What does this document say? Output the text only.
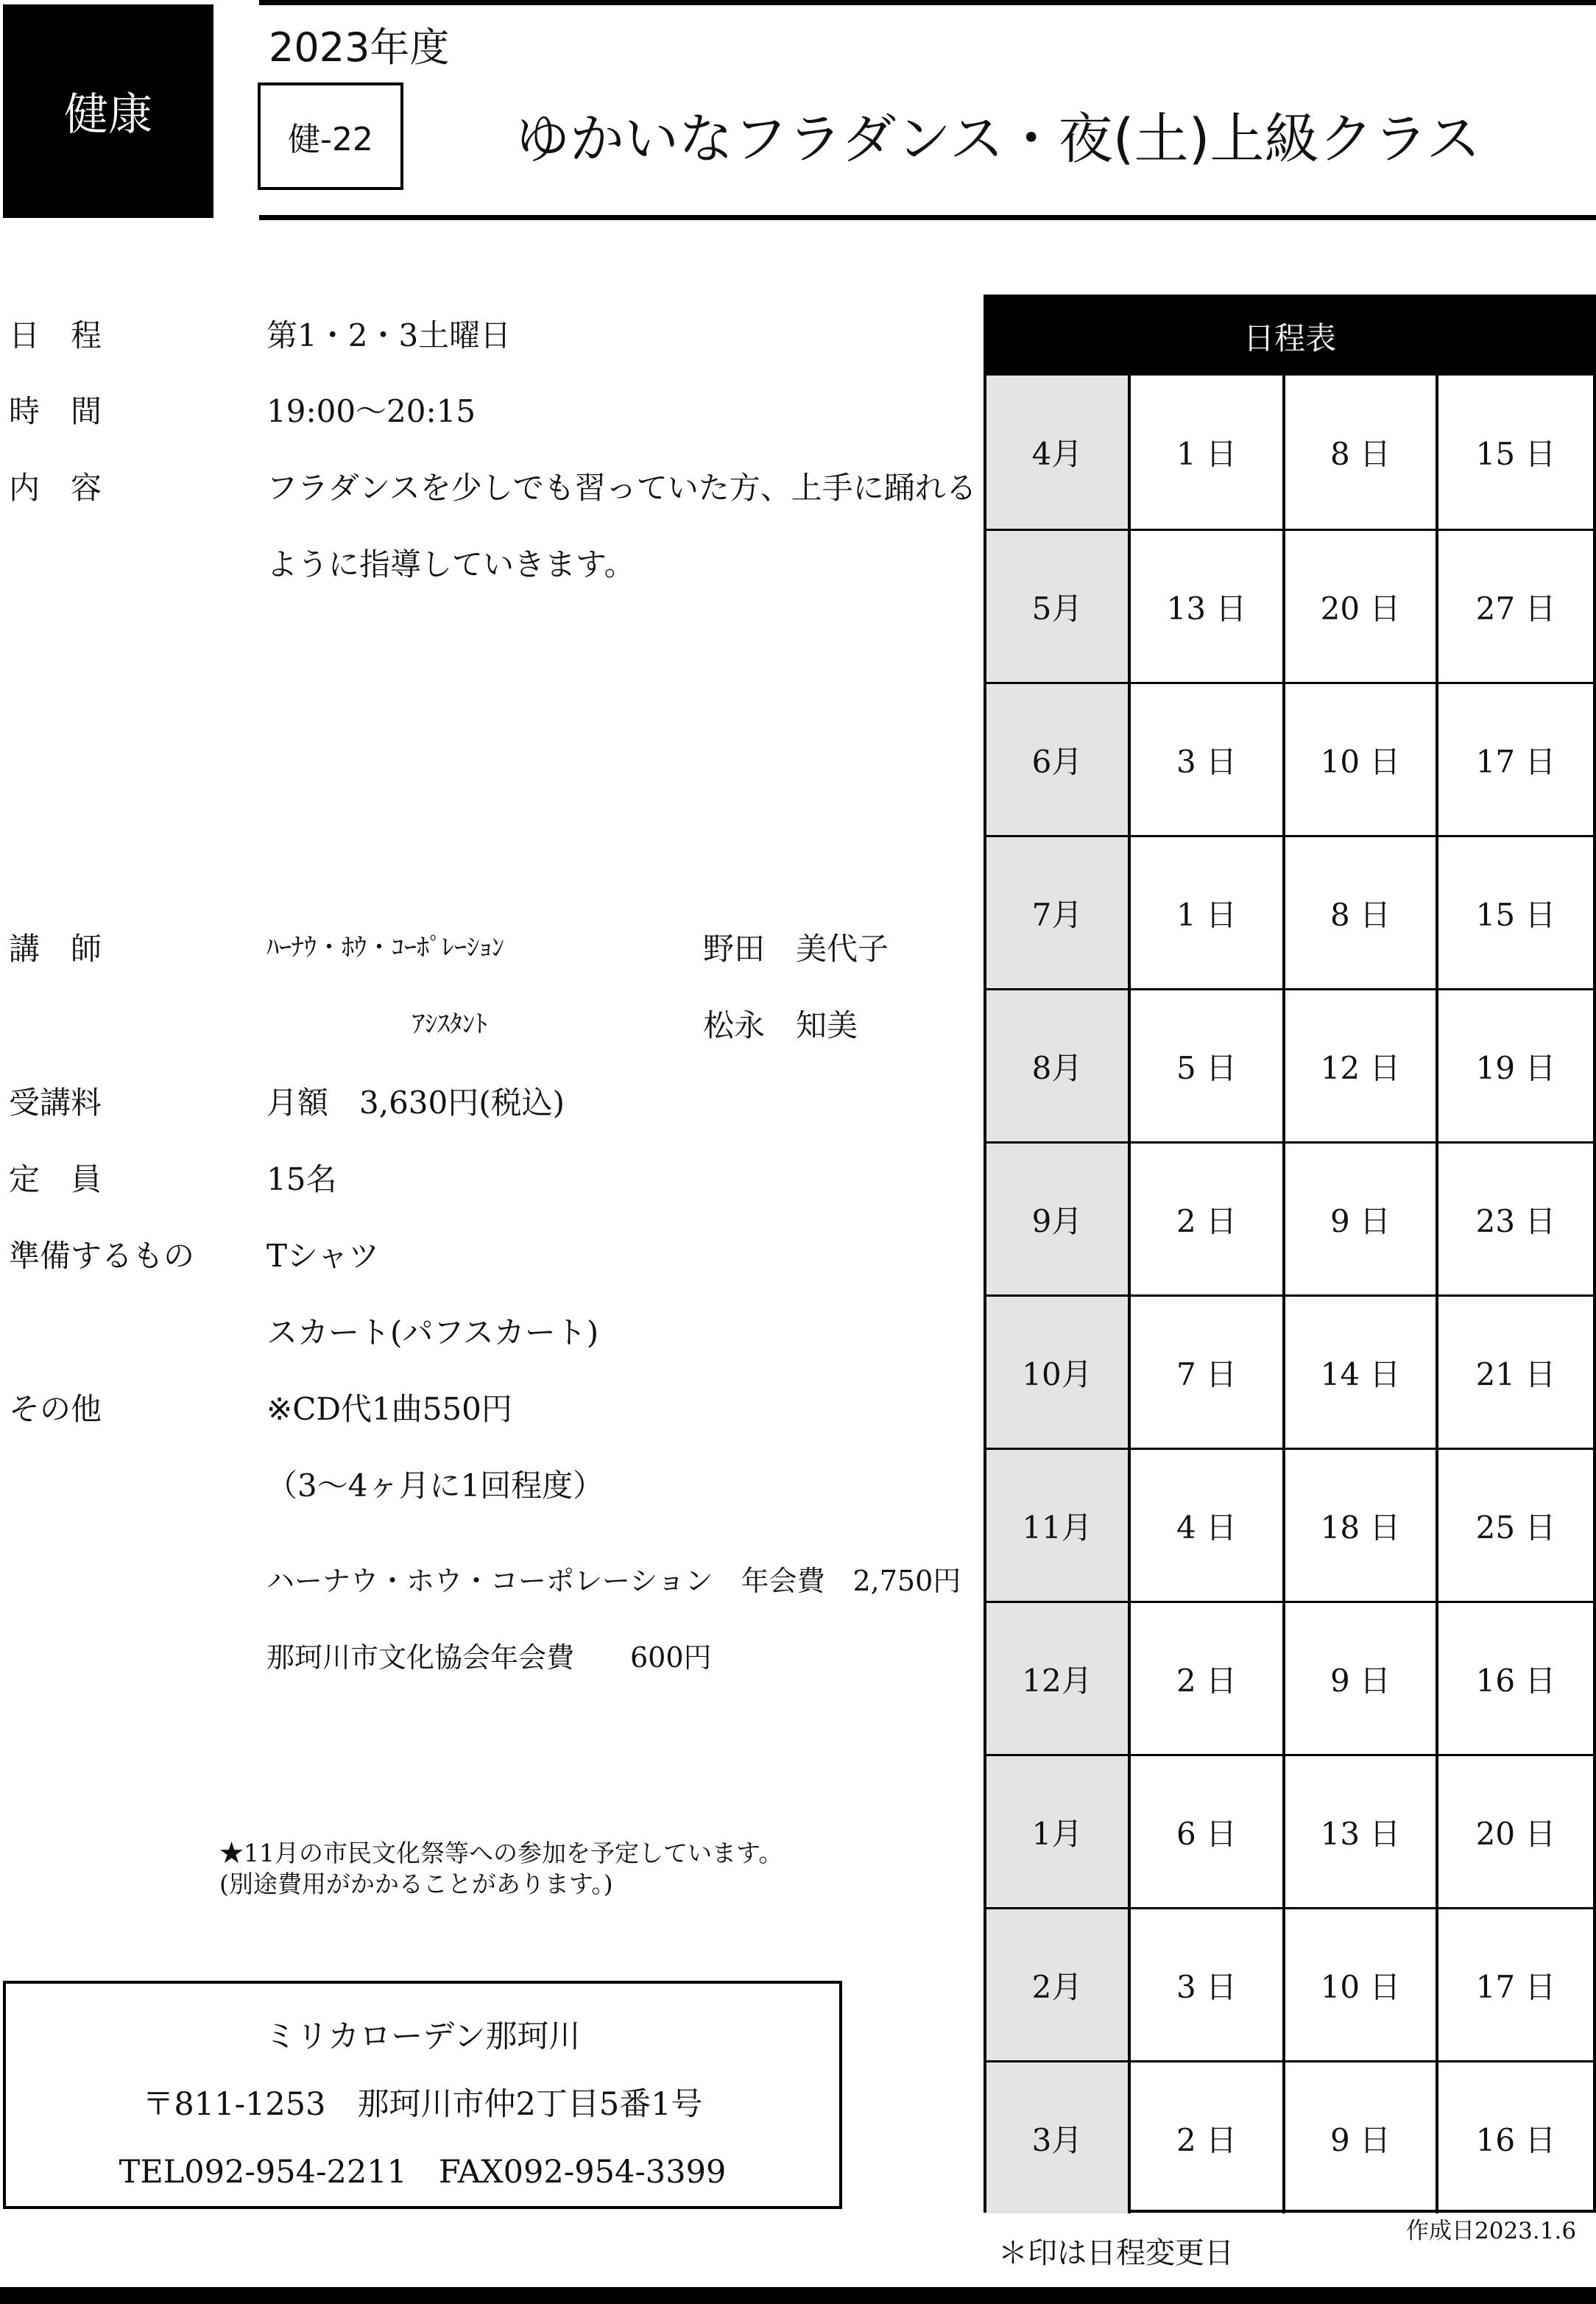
健康
2023年度
健-22	ゆかいなフラダンス・夜(土)上級クラス
日　程	第1・2・3土曜日
時　間	19:00～20:15
内　容	フラダンスを少しでも習っていた方、上手に踊れる
ように指導していきます。
講　師	ﾊｰﾅｳ・ﾎｳ・ｺｰﾎﾟﾚｰｼｮﾝ	野田　美代子
ｱｼｽﾀﾝﾄ	松永　知美
受講料	月額　3,630円(税込)
定　員	15名
準備するもの Tシャツ
スカート(パフスカート)
その他	※CD代1曲550円
（3～4ヶ月に1回程度）
ハーナウ・ホウ・コーポレーション　年会費　2,750円
那珂川市文化協会年会費　　600円
★11月の市民文化祭等への参加を予定しています。
(別途費用がかかることがあります。)
ミリカローデン那珂川
〒811-1253　那珂川市仲2丁目5番1号
TEL092-954-2211　FAX092-954-3399
日程表
4月	1 日	8 日	15 日
5月	13 日	20 日	27 日
6月	3 日	10 日	17 日
7月	1 日	8 日	15 日
8月	5 日	12 日	19 日
9月	2 日	9 日	23 日
10月	7 日	14 日	21 日
11月	4 日	18 日	25 日
12月	2 日	9 日	16 日
1月	6 日	13 日	20 日
2月	3 日	10 日	17 日
3月	2 日	9 日	16 日
＊印は日程変更日
作成日2023.1.6
